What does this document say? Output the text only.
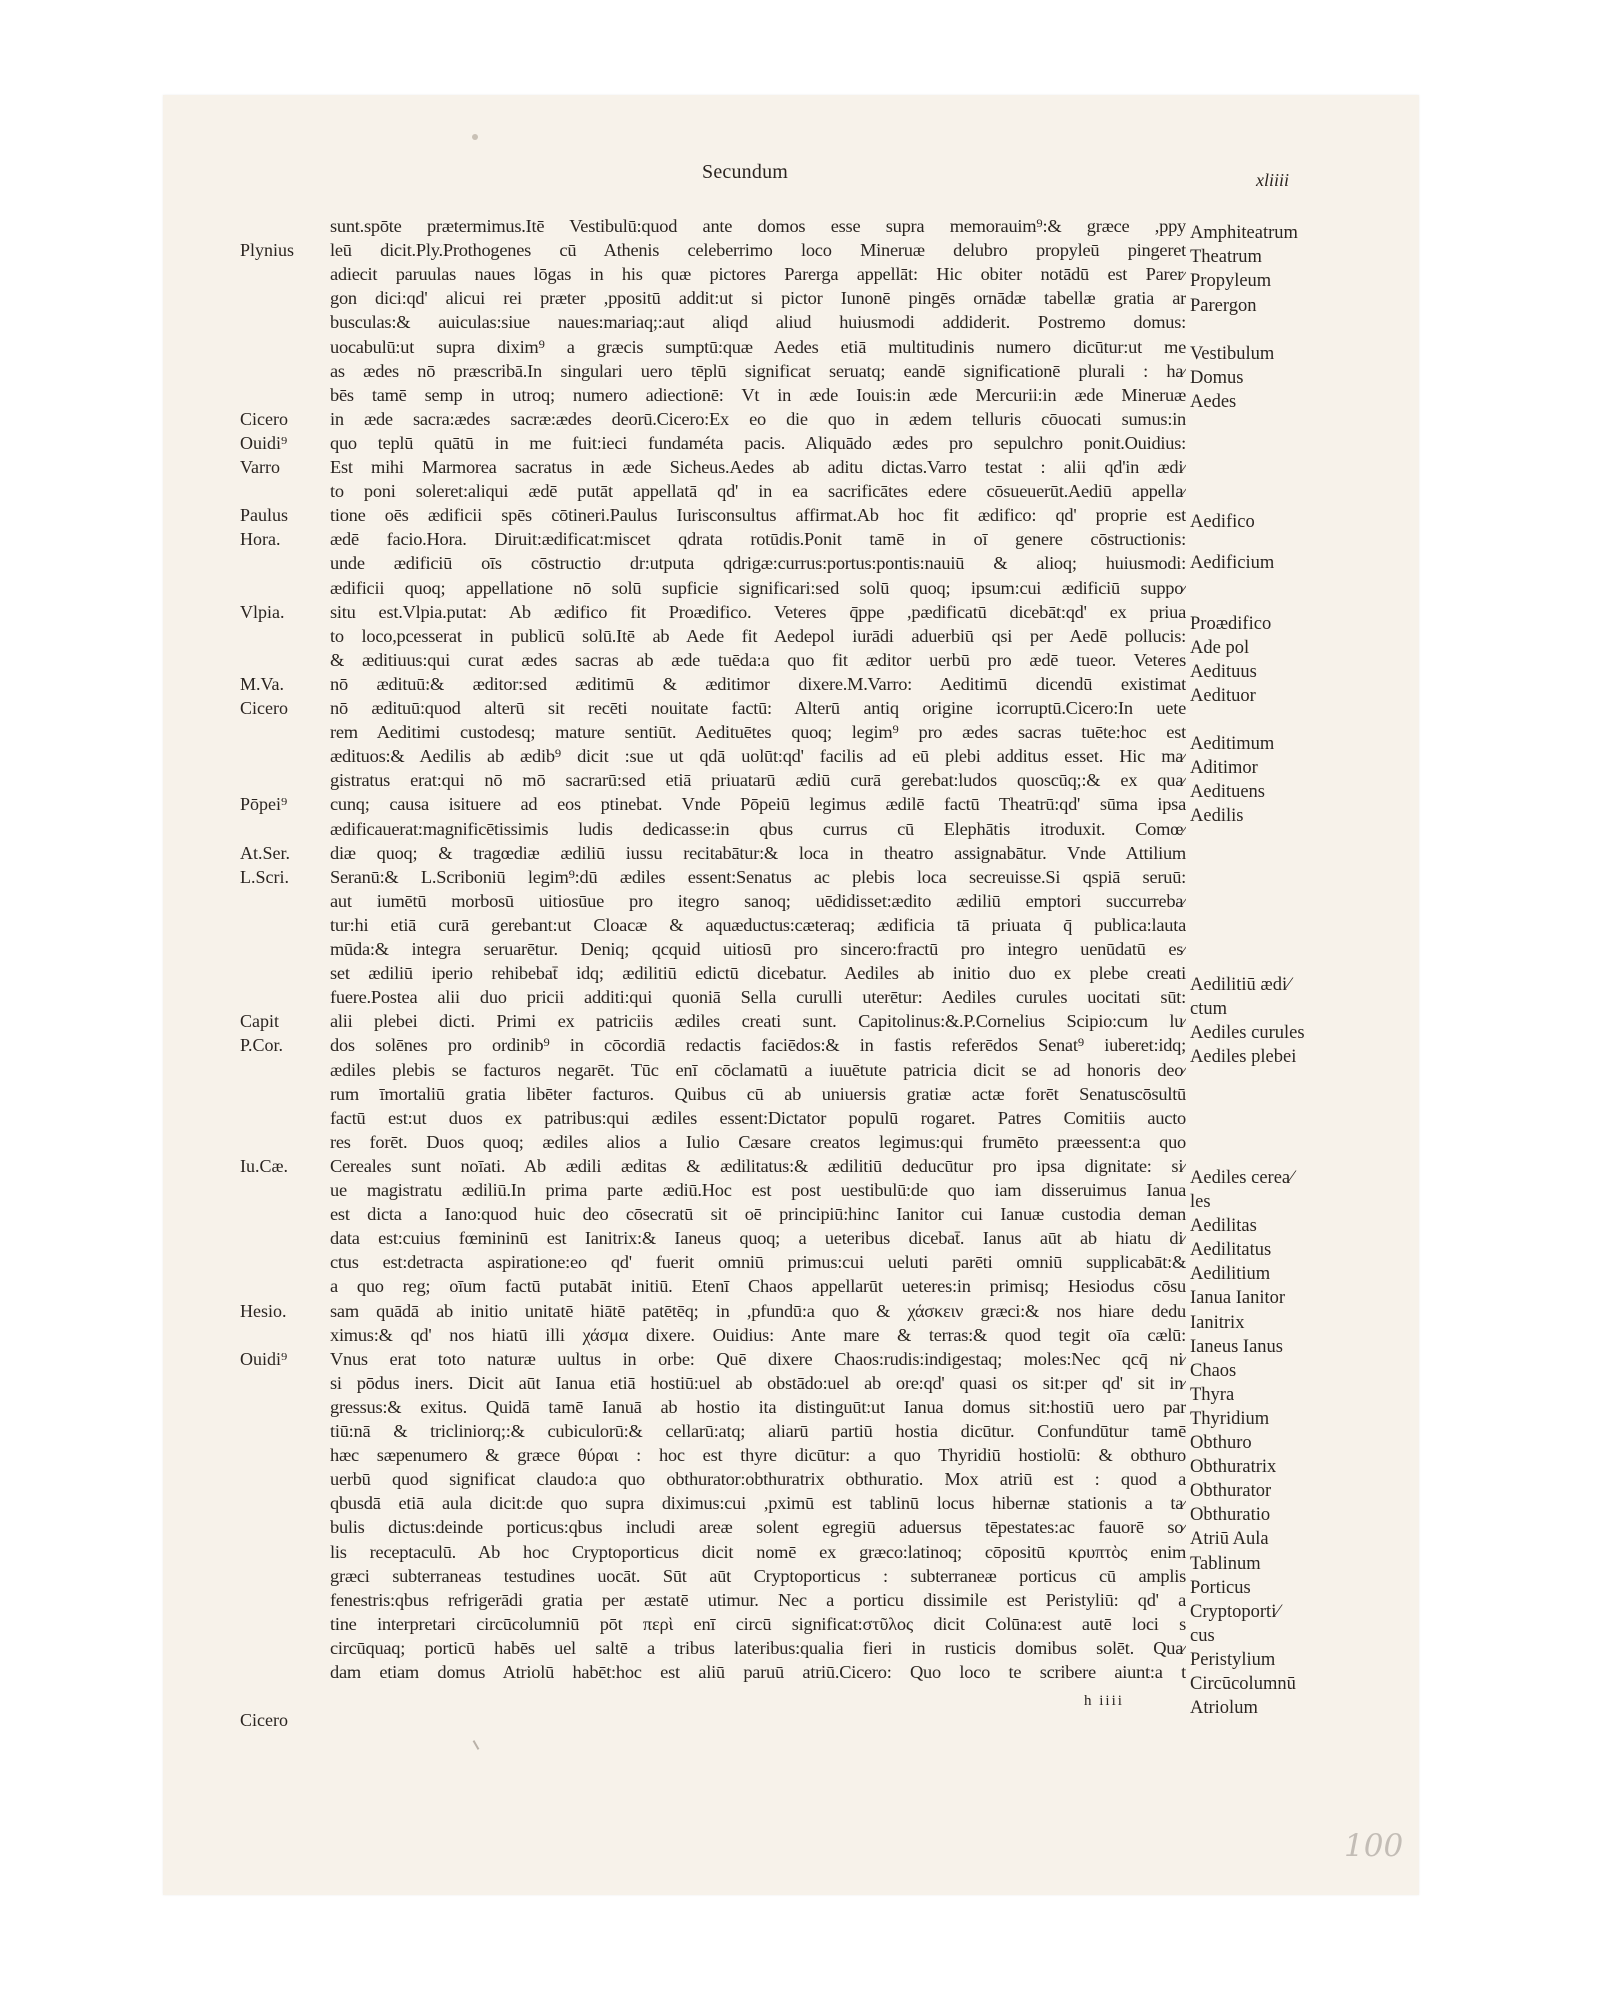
Secundum	xliiii
Plynius
Cicero
Ouidi⁹
Varro
Paulus
Hora.
Vlpia.
M.Va.
Cicero
Pōpei⁹
At.Ser.
L.Scri.
Capit
P.Cor.
Iu.Cæ.
Hesio.
Ouidi⁹
Cicero
sunt.spōte prætermimus.Itē Vestibulū:quod ante domos esse supra memorauim⁹:& græce ,ppy
leū dicit.Ply.Prothogenes cū Athenis celeberrimo loco Mineruæ delubro propyleū pingeret
adiecit paruulas naues lōgas in his quæ pictores Parerga appellāt: Hic obiter notādū est Parer⁄
gon dici:qd' alicui rei præter ,ppositū addit:ut si pictor Iunonē pingēs ornādæ tabellæ gratia ar
busculas:& auiculas:siue naues:mariaq;:aut aliqd aliud huiusmodi addiderit. Postremo domus:
uocabulū:ut supra dixim⁹ a græcis sumptū:quæ Aedes etiā multitudinis numero dicūtur:ut me
as ædes nō præscribā.In singulari uero tēplū significat seruatq; eandē significationē plurali : ha⁄
bēs tamē semp in utroq; numero adiectionē: Vt in æde Iouis:in æde Mercurii:in æde Mineruæ
in æde sacra:ædes sacræ:ædes deorū.Cicero:Ex eo die quo in ædem telluris cōuocati sumus:in
quo teplū quātū in me fuit:ieci fundaméta pacis. Aliquādo ædes pro sepulchro ponit.Ouidius:
Est mihi Marmorea sacratus in æde Sicheus.Aedes ab aditu dictas.Varro testat : alii qd'in ædi⁄
to poni soleret:aliqui ædē putāt appellatā qd' in ea sacrificātes edere cōsueuerūt.Aediū appella⁄
tione oēs ædificii spēs cōtineri.Paulus Iurisconsultus affirmat.Ab hoc fit ædifico: qd' proprie est
ædē facio.Hora. Diruit:ædificat:miscet qdrata rotūdis.Ponit tamē in oī genere cōstructionis:
unde ædificiū oīs cōstructio dr:utputa qdrigæ:currus:portus:pontis:nauiū & alioq; huiusmodi:
ædificii quoq; appellatione nō solū supficie significari:sed solū quoq; ipsum:cui ædificiū suppo⁄
situ est.Vlpia.putat: Ab ædifico fit Proædifico. Veteres q̄ppe ,pædificatū dicebāt:qd' ex priua
to loco,pcesserat in publicū solū.Itē ab Aede fit Aedepol iurādi aduerbiū qsi per Aedē pollucis:
& æditiuus:qui curat ædes sacras ab æde tuēda:a quo fit æditor uerbū pro ædē tueor. Veteres
nō ædituū:& æditor:sed æditimū & æditimor dixere.M.Varro: Aeditimū dicendū existimat
nō ædituū:quod alterū sit recēti nouitate factū: Alterū antiq origine icorruptū.Cicero:In uete
rem Aeditimi custodesq; mature sentiūt. Aedituētes quoq; legim⁹ pro ædes sacras tuēte:hoc est
ædituos:& Aedilis ab ædib⁹ dicit :sue ut qdā uolūt:qd' facilis ad eū plebi additus esset. Hic ma⁄
gistratus erat:qui nō mō sacrarū:sed etiā priuatarū ædiū curā gerebat:ludos quoscūq;:& ex qua⁄
cunq; causa isituere ad eos ptinebat. Vnde Pōpeiū legimus ædilē factū Theatrū:qd' sūma ipsa
ædificauerat:magnificētissimis ludis dedicasse:in qbus currus cū Elephātis itroduxit. Comœ⁄
diæ quoq; & tragœdiæ ædiliū iussu recitabātur:& loca in theatro assignabātur. Vnde Attilium
Seranū:& L.Scriboniū legim⁹:dū ædiles essent:Senatus ac plebis loca secreuisse.Si qspiā seruū:
aut iumētū morbosū uitiosūue pro itegro sanoq; uēdidisset:ædito ædiliū emptori succurreba⁄
tur:hi etiā curā gerebant:ut Cloacæ & aquæductus:cæteraq; ædificia tā priuata q̄ publica:lauta
mūda:& integra seruarētur. Deniq; qcquid uitiosū pro sincero:fractū pro integro uenūdatū es⁄
set ædiliū iperio rehibebat̄ idq; ædilitiū edictū dicebatur. Aediles ab initio duo ex plebe creati
fuere.Postea alii duo pricii additi:qui quoniā Sella curulli uterētur: Aediles curules uocitati sūt:
alii plebei dicti. Primi ex patriciis ædiles creati sunt. Capitolinus:&.P.Cornelius Scipio:cum lu⁄
dos solēnes pro ordinib⁹ in cōcordiā redactis faciēdos:& in fastis referēdos Senat⁹ iuberet:idq;
ædiles plebis se facturos negarēt. Tūc enī cōclamatū a iuuētute patricia dicit se ad honoris deo⁄
rum īmortaliū gratia libēter facturos. Quibus cū ab uniuersis gratiæ actæ forēt Senatuscōsultū
factū est:ut duos ex patribus:qui ædiles essent:Dictator populū rogaret. Patres Comitiis aucto
res forēt. Duos quoq; ædiles alios a Iulio Cæsare creatos legimus:qui frumēto præessent:a quo
Cereales sunt noīati. Ab ædili æditas & ædilitatus:& ædilitiū deducūtur pro ipsa dignitate: si⁄
ue magistratu ædiliū.In prima parte ædiū.Hoc est post uestibulū:de quo iam disseruimus Ianua
est dicta a Iano:quod huic deo cōsecratū sit oē principiū:hinc Ianitor cui Ianuæ custodia deman
data est:cuius fœmininū est Ianitrix:& Ianeus quoq; a ueteribus dicebat̄. Ianus aūt ab hiatu di⁄
ctus est:detracta aspiratione:eo qd' fuerit omniū primus:cui ueluti parēti omniū supplicabāt:&
a quo reg; oīum factū putabāt initiū. Etenī Chaos appellarūt ueteres:in primisq; Hesiodus cōsu
sam quādā ab initio unitatē hiātē patētēq; in ,pfundū:a quo & χάσκειν græci:& nos hiare dedu
ximus:& qd' nos hiatū illi χάσμα dixere. Ouidius: Ante mare & terras:& quod tegit oīa cælū:
Vnus erat toto naturæ uultus in orbe: Quē dixere Chaos:rudis:indigestaq; moles:Nec qcq̄ ni⁄
si pōdus iners. Dicit aūt Ianua etiā hostiū:uel ab obstādo:uel ab ore:qd' quasi os sit:per qd' sit in⁄
gressus:& exitus. Quidā tamē Ianuā ab hostio ita distinguūt:ut Ianua domus sit:hostiū uero par
tiū:nā & tricliniorq;:& cubiculorū:& cellarū:atq; aliarū partiū hostia dicūtur. Confundūtur tamē
hæc sæpenumero & græce θύραι : hoc est thyre dicūtur: a quo Thyridiū hostiolū: & obthuro
uerbū quod significat claudo:a quo obthurator:obthuratrix obthuratio. Mox atriū est : quod a
qbusdā etiā aula dicit:de quo supra diximus:cui ,pximū est tablinū locus hibernæ stationis a ta⁄
bulis dictus:deinde porticus:qbus includi areæ solent egregiū aduersus tēpestates:ac fauorē so⁄
lis receptaculū. Ab hoc Cryptoporticus dicit nomē ex græco:latinoq; cōpositū κρυπτὸς enim
græci subterraneas testudines uocāt. Sūt aūt Cryptoporticus : subterraneæ porticus cū amplis
fenestris:qbus refrigerādi gratia per æstatē utimur. Nec a porticu dissimile est Peristyliū: qd' a
tine interpretari circūcolumniū pōt περὶ enī circū significat:στῦλος dicit Colūna:est autē loci s
circūquaq; porticū habēs uel saltē a tribus lateribus:qualia fieri in rusticis domibus solēt. Qua⁄
dam etiam domus Atriolū habēt:hoc est aliū paruū atriū.Cicero: Quo loco te scribere aiunt:a t
Amphiteatrum
Theatrum
Propyleum
Parergon
Vestibulum
Domus
Aedes
Aedifico
Aedificium
Proædifico
Ade pol
Aedituus
Aedituor
Aeditimum
Aditimor
Aedituens
Aedilis
Aedilitiū ædi⁄
ctum
Aediles curules
Aediles plebei
Aediles cerea⁄
les
Aedilitas
Aedilitatus
Aedilitium
Ianua Ianitor
Ianitrix
Ianeus Ianus
Chaos
Thyra
Thyridium
Obthuro
Obthuratrix
Obthurator
Obthuratio
Atriū Aula
Tablinum
Porticus
Cryptoporti⁄
cus
Peristylium
Circūcolumnū
Atriolum
h iiii
100
